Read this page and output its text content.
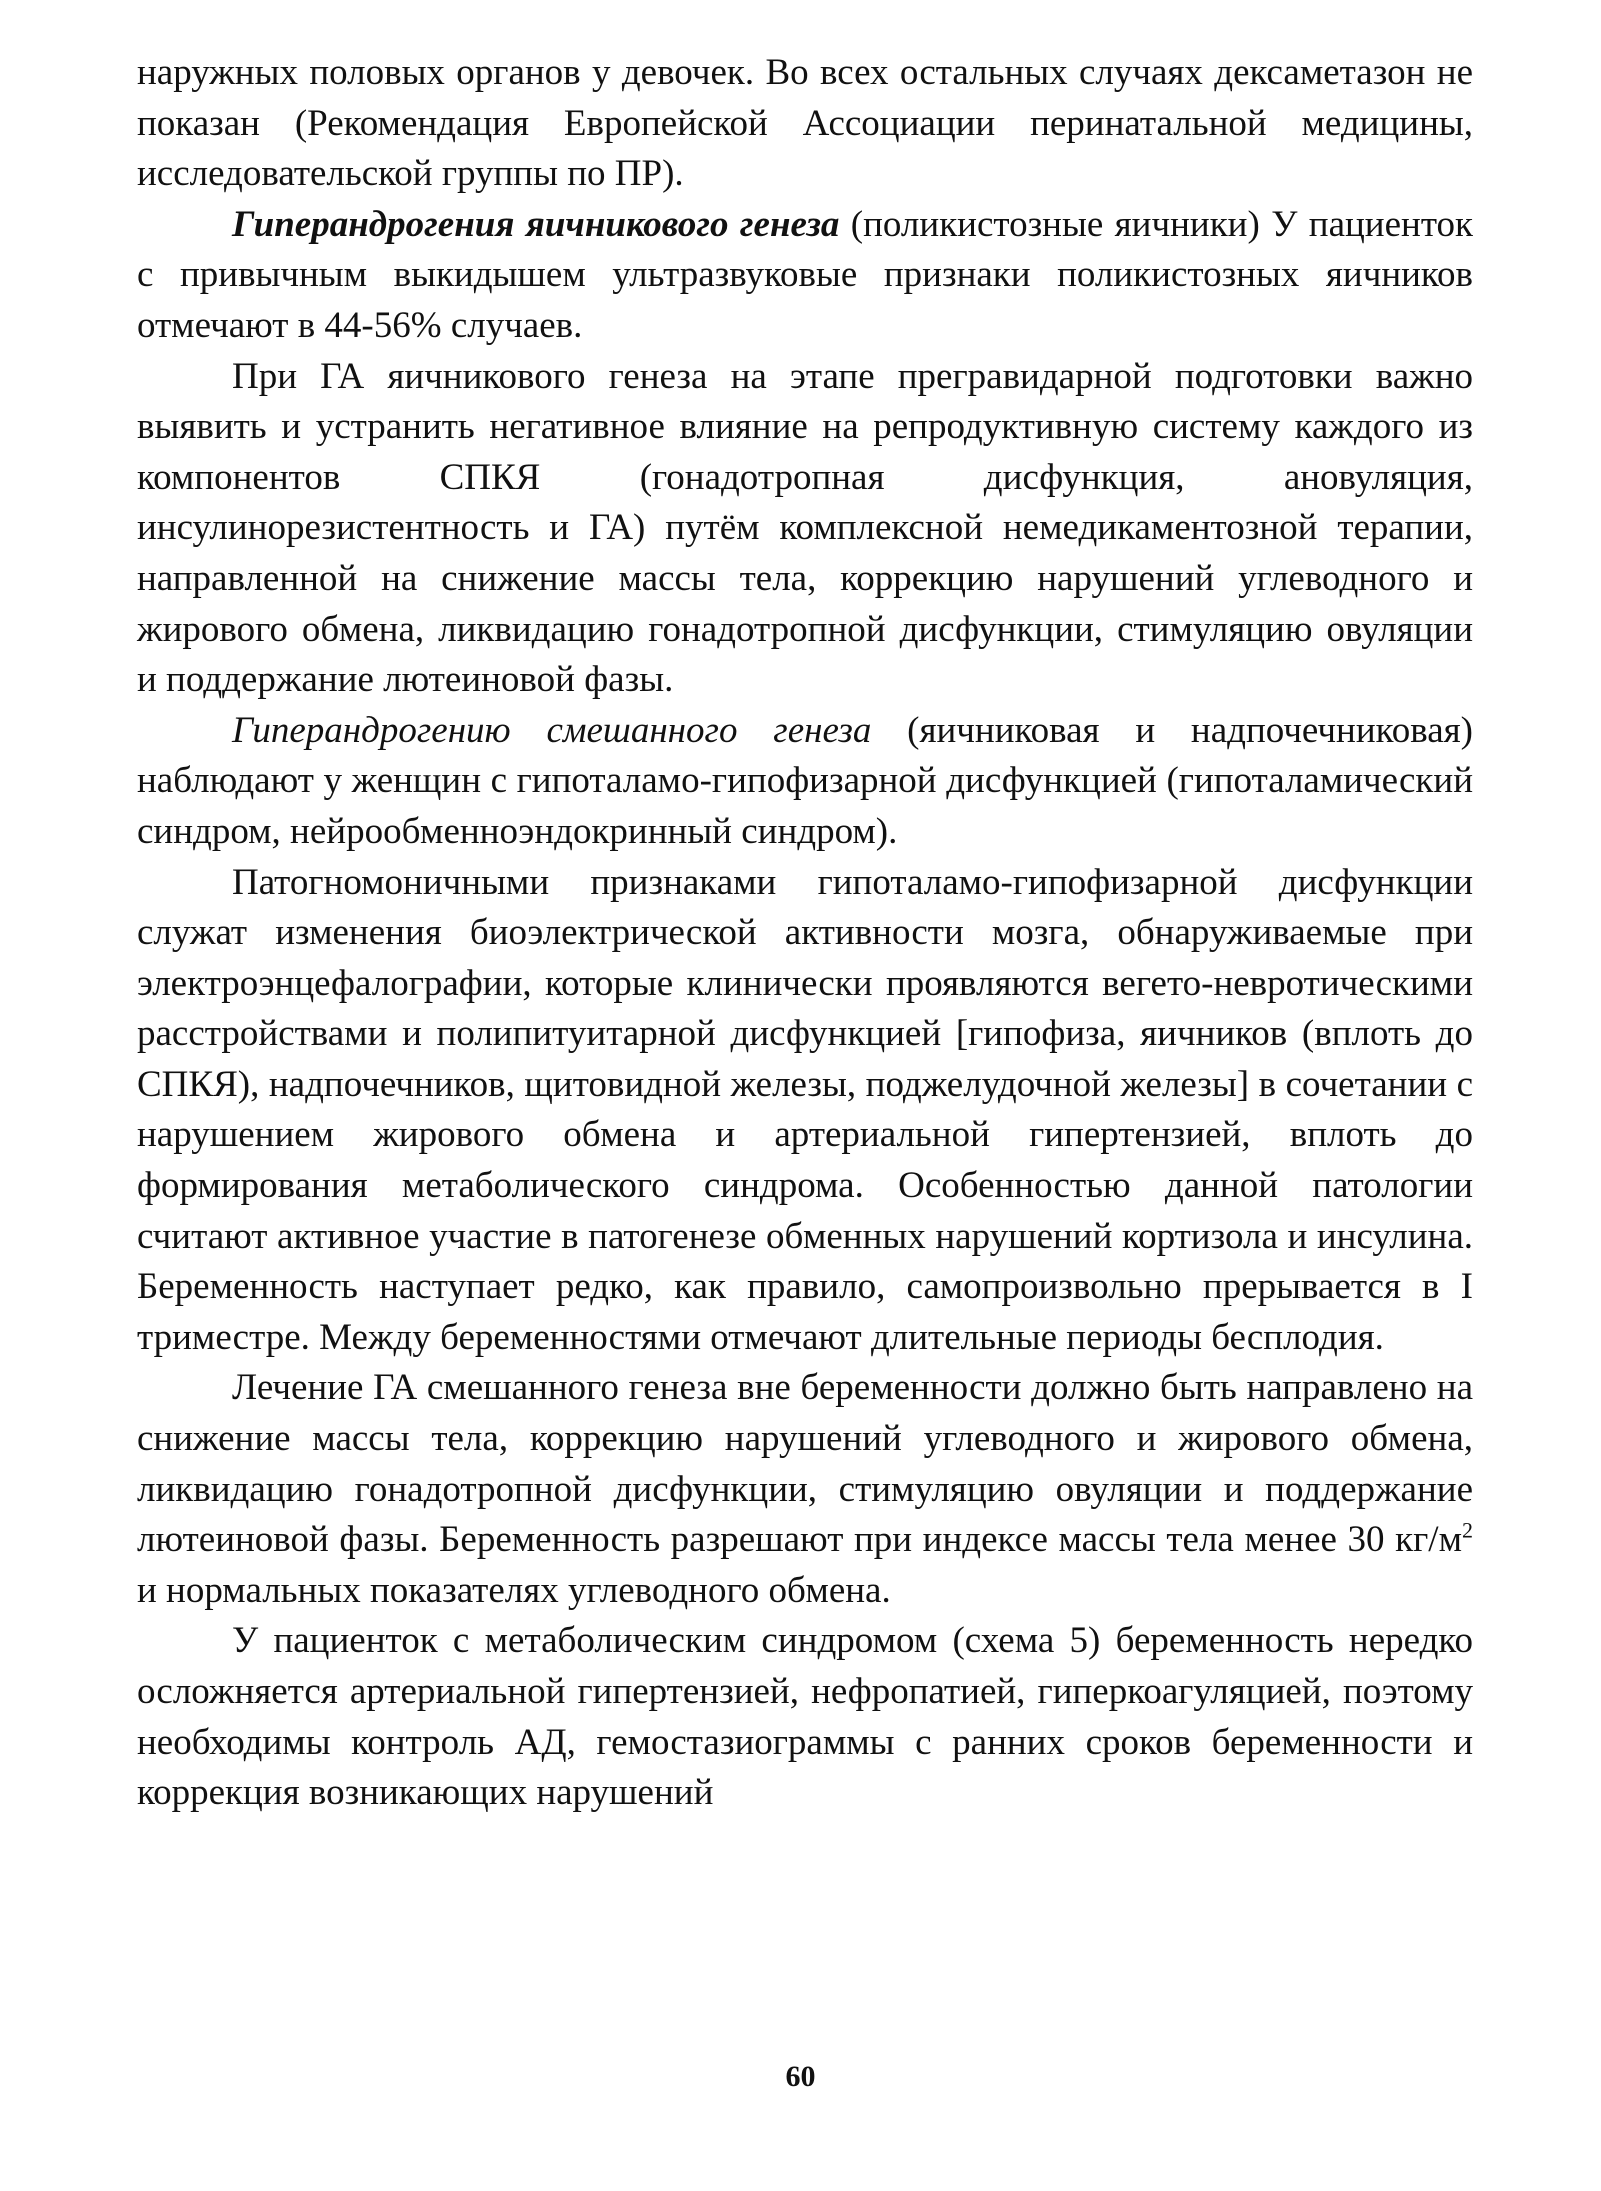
наружных половых органов у девочек. Во всех остальных случаях дексаметазон не показан (Рекомендация Европейской Ассоциации перинатальной медицины, исследовательской группы по ПР).

Гиперандрогения яичникового генеза (поликистозные яичники) У пациенток с привычным выкидышем ультразвуковые признаки поликистозных яичников отмечают в 44-56% случаев.

При ГА яичникового генеза на этапе прегравидарной подготовки важно выявить и устранить негативное влияние на репродуктивную систему каждого из компонентов СПКЯ (гонадотропная дисфункция, ановуляция, инсулинорезистентность и ГА) путём комплексной немедикаментозной терапии, направленной на снижение массы тела, коррекцию нарушений углеводного и жирового обмена, ликвидацию гонадотропной дисфункции, стимуляцию овуляции и поддержание лютеиновой фазы.

Гиперандрогению смешанного генеза (яичниковая и надпочечниковая) наблюдают у женщин с гипоталамо-гипофизарной дисфункцией (гипоталамический синдром, нейрообменноэндокринный синдром).

Патогномоничными признаками гипоталамо-гипофизарной дисфункции служат изменения биоэлектрической активности мозга, обнаруживаемые при электроэнцефалографии, которые клинически проявляются вегето-невротическими расстройствами и полипитуитарной дисфункцией [гипофиза, яичников (вплоть до СПКЯ), надпочечников, щитовидной железы, поджелудочной железы] в сочетании с нарушением жирового обмена и артериальной гипертензией, вплоть до формирования метаболического синдрома. Особенностью данной патологии считают активное участие в патогенезе обменных нарушений кортизола и инсулина. Беременность наступает редко, как правило, самопроизвольно прерывается в I триместре. Между беременностями отмечают длительные периоды бесплодия.

Лечение ГА смешанного генеза вне беременности должно быть направлено на снижение массы тела, коррекцию нарушений углеводного и жирового обмена, ликвидацию гонадотропной дисфункции, стимуляцию овуляции и поддержание лютеиновой фазы. Беременность разрешают при индексе массы тела менее 30 $кг/м^2$ и нормальных показателях углеводного обмена.

У пациенток с метаболическим синдромом (схема 5) беременность нередко осложняется артериальной гипертензией, нефропатией, гиперкоагуляцией, поэтому необходимы контроль АД, гемостазиограммы с ранних сроков беременности и коррекция возникающих нарушений

60
